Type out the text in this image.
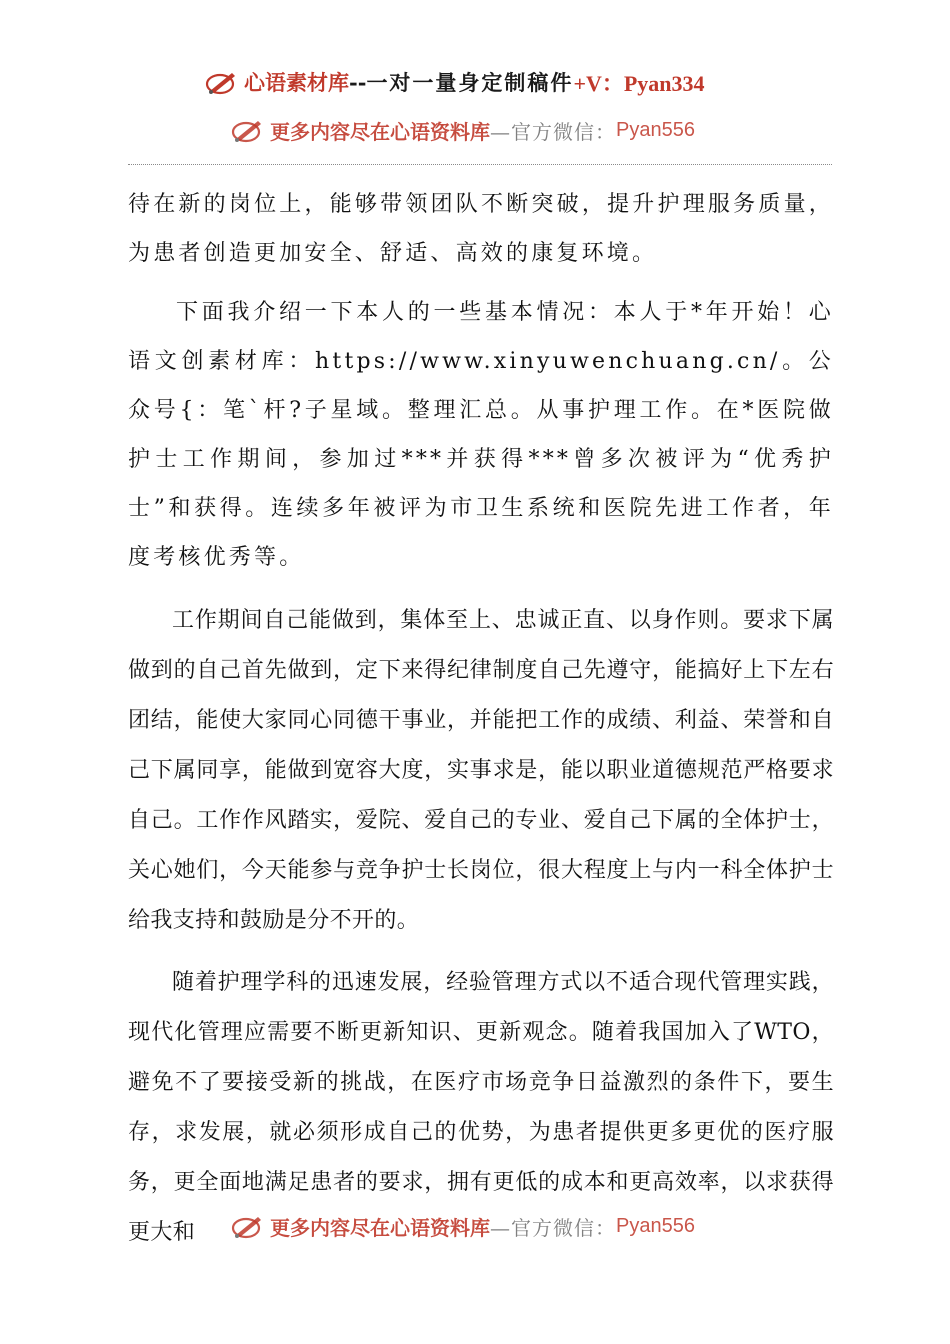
心语素材库 -- 一对一量身定制稿件 +V：Pyan334
更多内容尽在心语资料库 —官方微信： Pyan556

待在新的岗位上，能够带领团队不断突破，提升护理服务质量，为患者创造更加安全、舒适、高效的康复环境。

下面我介绍一下本人的一些基本情况：本人于*年开始！心语文创素材库：https://www.xinyuwenchuang.cn/。公众号{：笔`杆?子星域。整理汇总。从事护理工作。在*医院做护士工作期间，参加过***并获得***曾多次被评为“优秀护士”和获得。连续多年被评为市卫生系统和医院先进工作者，年度考核优秀等。

工作期间自己能做到，集体至上、忠诚正直、以身作则。要求下属做到的自己首先做到，定下来得纪律制度自己先遵守，能搞好上下左右团结，能使大家同心同德干事业，并能把工作的成绩、利益、荣誉和自己下属同享，能做到宽容大度，实事求是，能以职业道德规范严格要求自己。工作作风踏实，爱院、爱自己的专业、爱自己下属的全体护士，关心她们，今天能参与竞争护士长岗位，很大程度上与内一科全体护士给我支持和鼓励是分不开的。

随着护理学科的迅速发展，经验管理方式以不适合现代管理实践，现代化管理应需要不断更新知识、更新观念。随着我国加入了WTO，避免不了要接受新的挑战，在医疗市场竞争日益激烈的条件下，要生存，求发展，就必须形成自己的优势，为患者提供更多更优的医疗服务，更全面地满足患者的要求，拥有更低的成本和更高效率，以求获得更大和	更多内容尽在心语资料库 —官方微信： Pyan556
